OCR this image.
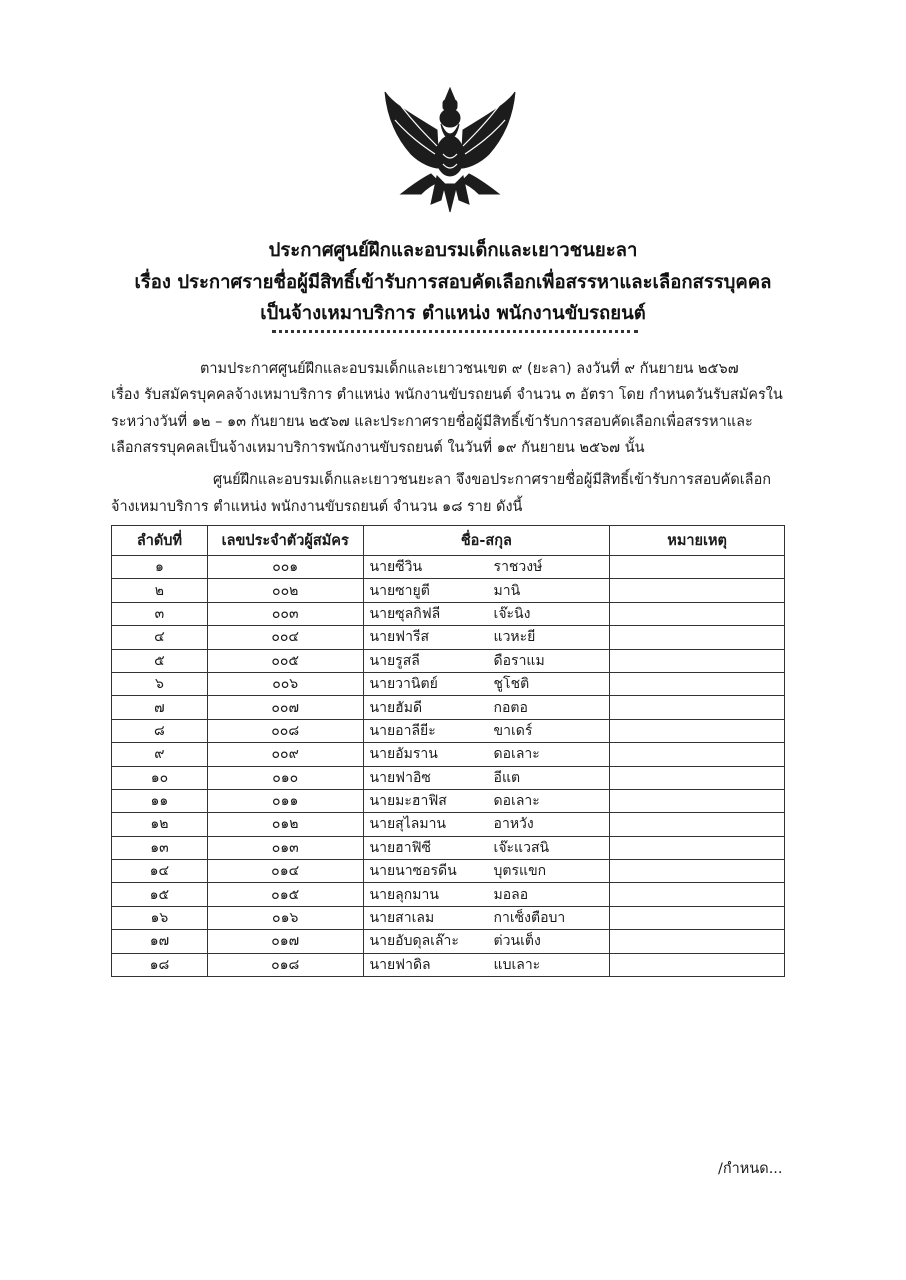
ประกาศศูนย์ฝึกและอบรมเด็กและเยาวชนยะลา
เรื่อง ประกาศรายชื่อผู้มีสิทธิ์เข้ารับการสอบคัดเลือกเพื่อสรรหาและเลือกสรรบุคคล
เป็นจ้างเหมาบริการ ตำแหน่ง พนักงานขับรถยนต์
ตามประกาศศูนย์ฝึกและอบรมเด็กและเยาวชนเขต ๙ (ยะลา) ลงวันที่ ๙ กันยายน ๒๕๖๗
เรื่อง รับสมัครบุคคลจ้างเหมาบริการ ตำแหน่ง พนักงานขับรถยนต์ จำนวน ๓ อัตรา โดย กำหนดวันรับสมัครใน
ระหว่างวันที่ ๑๒ – ๑๓ กันยายน ๒๕๖๗ และประกาศรายชื่อผู้มีสิทธิ์เข้ารับการสอบคัดเลือกเพื่อสรรหาและ
เลือกสรรบุคคลเป็นจ้างเหมาบริการพนักงานขับรถยนต์ ในวันที่ ๑๙ กันยายน ๒๕๖๗ นั้น
ศูนย์ฝึกและอบรมเด็กและเยาวชนยะลา จึงขอประกาศรายชื่อผู้มีสิทธิ์เข้ารับการสอบคัดเลือก
จ้างเหมาบริการ ตำแหน่ง พนักงานขับรถยนต์ จำนวน ๑๘ ราย ดังนี้
ลำดับที่	เลขประจำตัวผู้สมัคร	ชื่อ-สกุล	หมายเหตุ
๑	๐๐๑	นายซีวิน ราชวงษ์	
๒	๐๐๒	นายซายูตี มานิ	
๓	๐๐๓	นายซุลกิฟลี เจ๊ะนิง	
๔	๐๐๔	นายฟารีส แวหะยี	
๕	๐๐๕	นายรูสลี ดือราแม	
๖	๐๐๖	นายวานิตย์ ชูโชติ	
๗	๐๐๗	นายฮัมดี กอตอ	
๘	๐๐๘	นายอาลียีะ ขาเดร์	
๙	๐๐๙	นายอัมราน ดอเลาะ	
๑๐	๐๑๐	นายฟาอิซ อีแต	
๑๑	๐๑๑	นายมะฮาฟิส ดอเลาะ	
๑๒	๐๑๒	นายสุไลมาน อาหวัง	
๑๓	๐๑๓	นายฮาฟิซี เจ๊ะแวสนิ	
๑๔	๐๑๔	นายนาซอรดีน บุตรแขก	
๑๕	๐๑๕	นายลุกมาน มอลอ	
๑๖	๐๑๖	นายสาเลม กาเซ็งตือบา	
๑๗	๐๑๗	นายอับดุลเล๊าะ ต่วนเต็ง	
๑๘	๐๑๘	นายฟาดิล แบเลาะ	
/กำหนด...
